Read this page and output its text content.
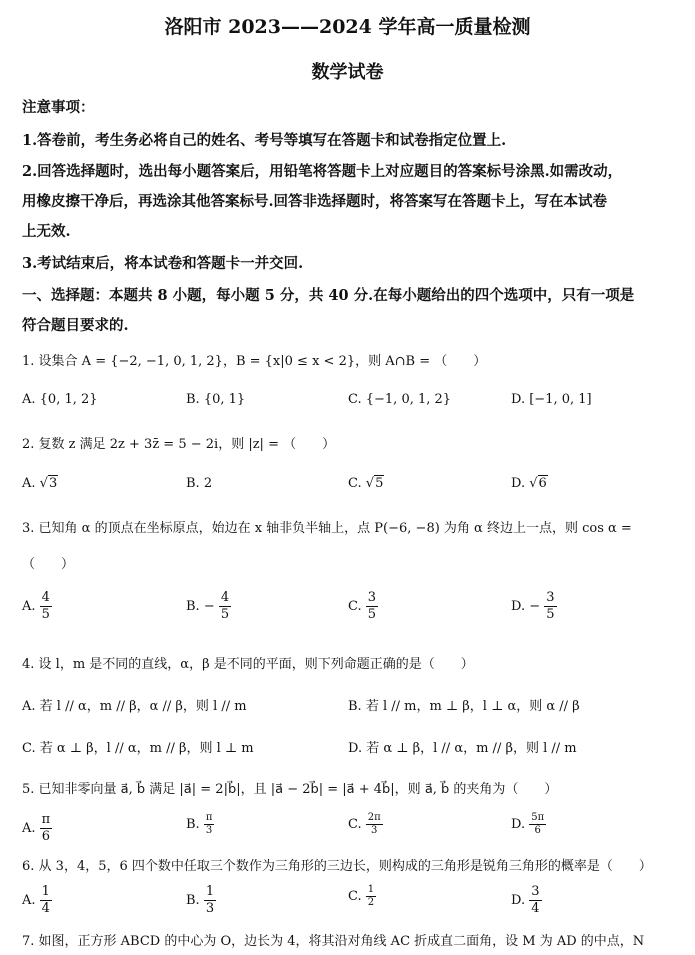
洛阳市 2023——2024 学年高一质量检测
数学试卷
注意事项：
1.答卷前，考生务必将自己的姓名、考号等填写在答题卡和试卷指定位置上.
2.回答选择题时，选出每小题答案后，用铅笔将答题卡上对应题目的答案标号涂黑.如需改动，
用橡皮擦干净后，再选涂其他答案标号.回答非选择题时，将答案写在答题卡上，写在本试卷
上无效.
3.考试结束后，将本试卷和答题卡一并交回.
一、选择题：本题共 8 小题，每小题 5 分，共 40 分.在每小题给出的四个选项中，只有一项是
符合题目要求的.
1. 设集合 A = {−2, −1, 0, 1, 2}，B = {x|0 ≤ x < 2}，则 A∩B = （　　）
A. {0, 1, 2}	B. {0, 1}	C. {−1, 0, 1, 2}	D. [−1, 0, 1]
2. 复数 z 满足 2z + 3z̄ = 5 − 2i，则 |z| = （　　）
A. √3	B. 2	C. √5	D. √6
3. 已知角 α 的顶点在坐标原点，始边在 x 轴非负半轴上，点 P(−6, −8) 为角 α 终边上一点，则 cos α =
（　　）
A. $\frac{4}{5}$	B. − $\frac{4}{5}$	C. $\frac{3}{5}$	D. − $\frac{3}{5}$
4. 设 l，m 是不同的直线，α，β 是不同的平面，则下列命题正确的是（　　）
A. 若 l // α，m // β，α // β，则 l // m	B. 若 l // m，m ⊥ β，l ⊥ α，则 α // β
C. 若 α ⊥ β，l // α，m // β，则 l ⊥ m	D. 若 α ⊥ β，l // α，m // β，则 l // m
5. 已知非零向量 a⃗, b⃗ 满足 |a⃗| = 2|b⃗|，且 |a⃗ − 2b⃗| = |a⃗ + 4b⃗|，则 a⃗, b⃗ 的夹角为（　　）
A. $\frac{\pi}{6}$	B. $\frac{\pi}{3}$	C. $\frac{2\pi}{3}$	D. $\frac{5\pi}{6}$
6. 从 3，4，5，6 四个数中任取三个数作为三角形的三边长，则构成的三角形是锐角三角形的概率是（　　）
A. $\frac{1}{4}$	B. $\frac{1}{3}$	C. $\frac{1}{2}$	D. $\frac{3}{4}$
7. 如图，正方形 ABCD 的中心为 O，边长为 4，将其沿对角线 AC 折成直二面角，设 M 为 AD 的中点，N
